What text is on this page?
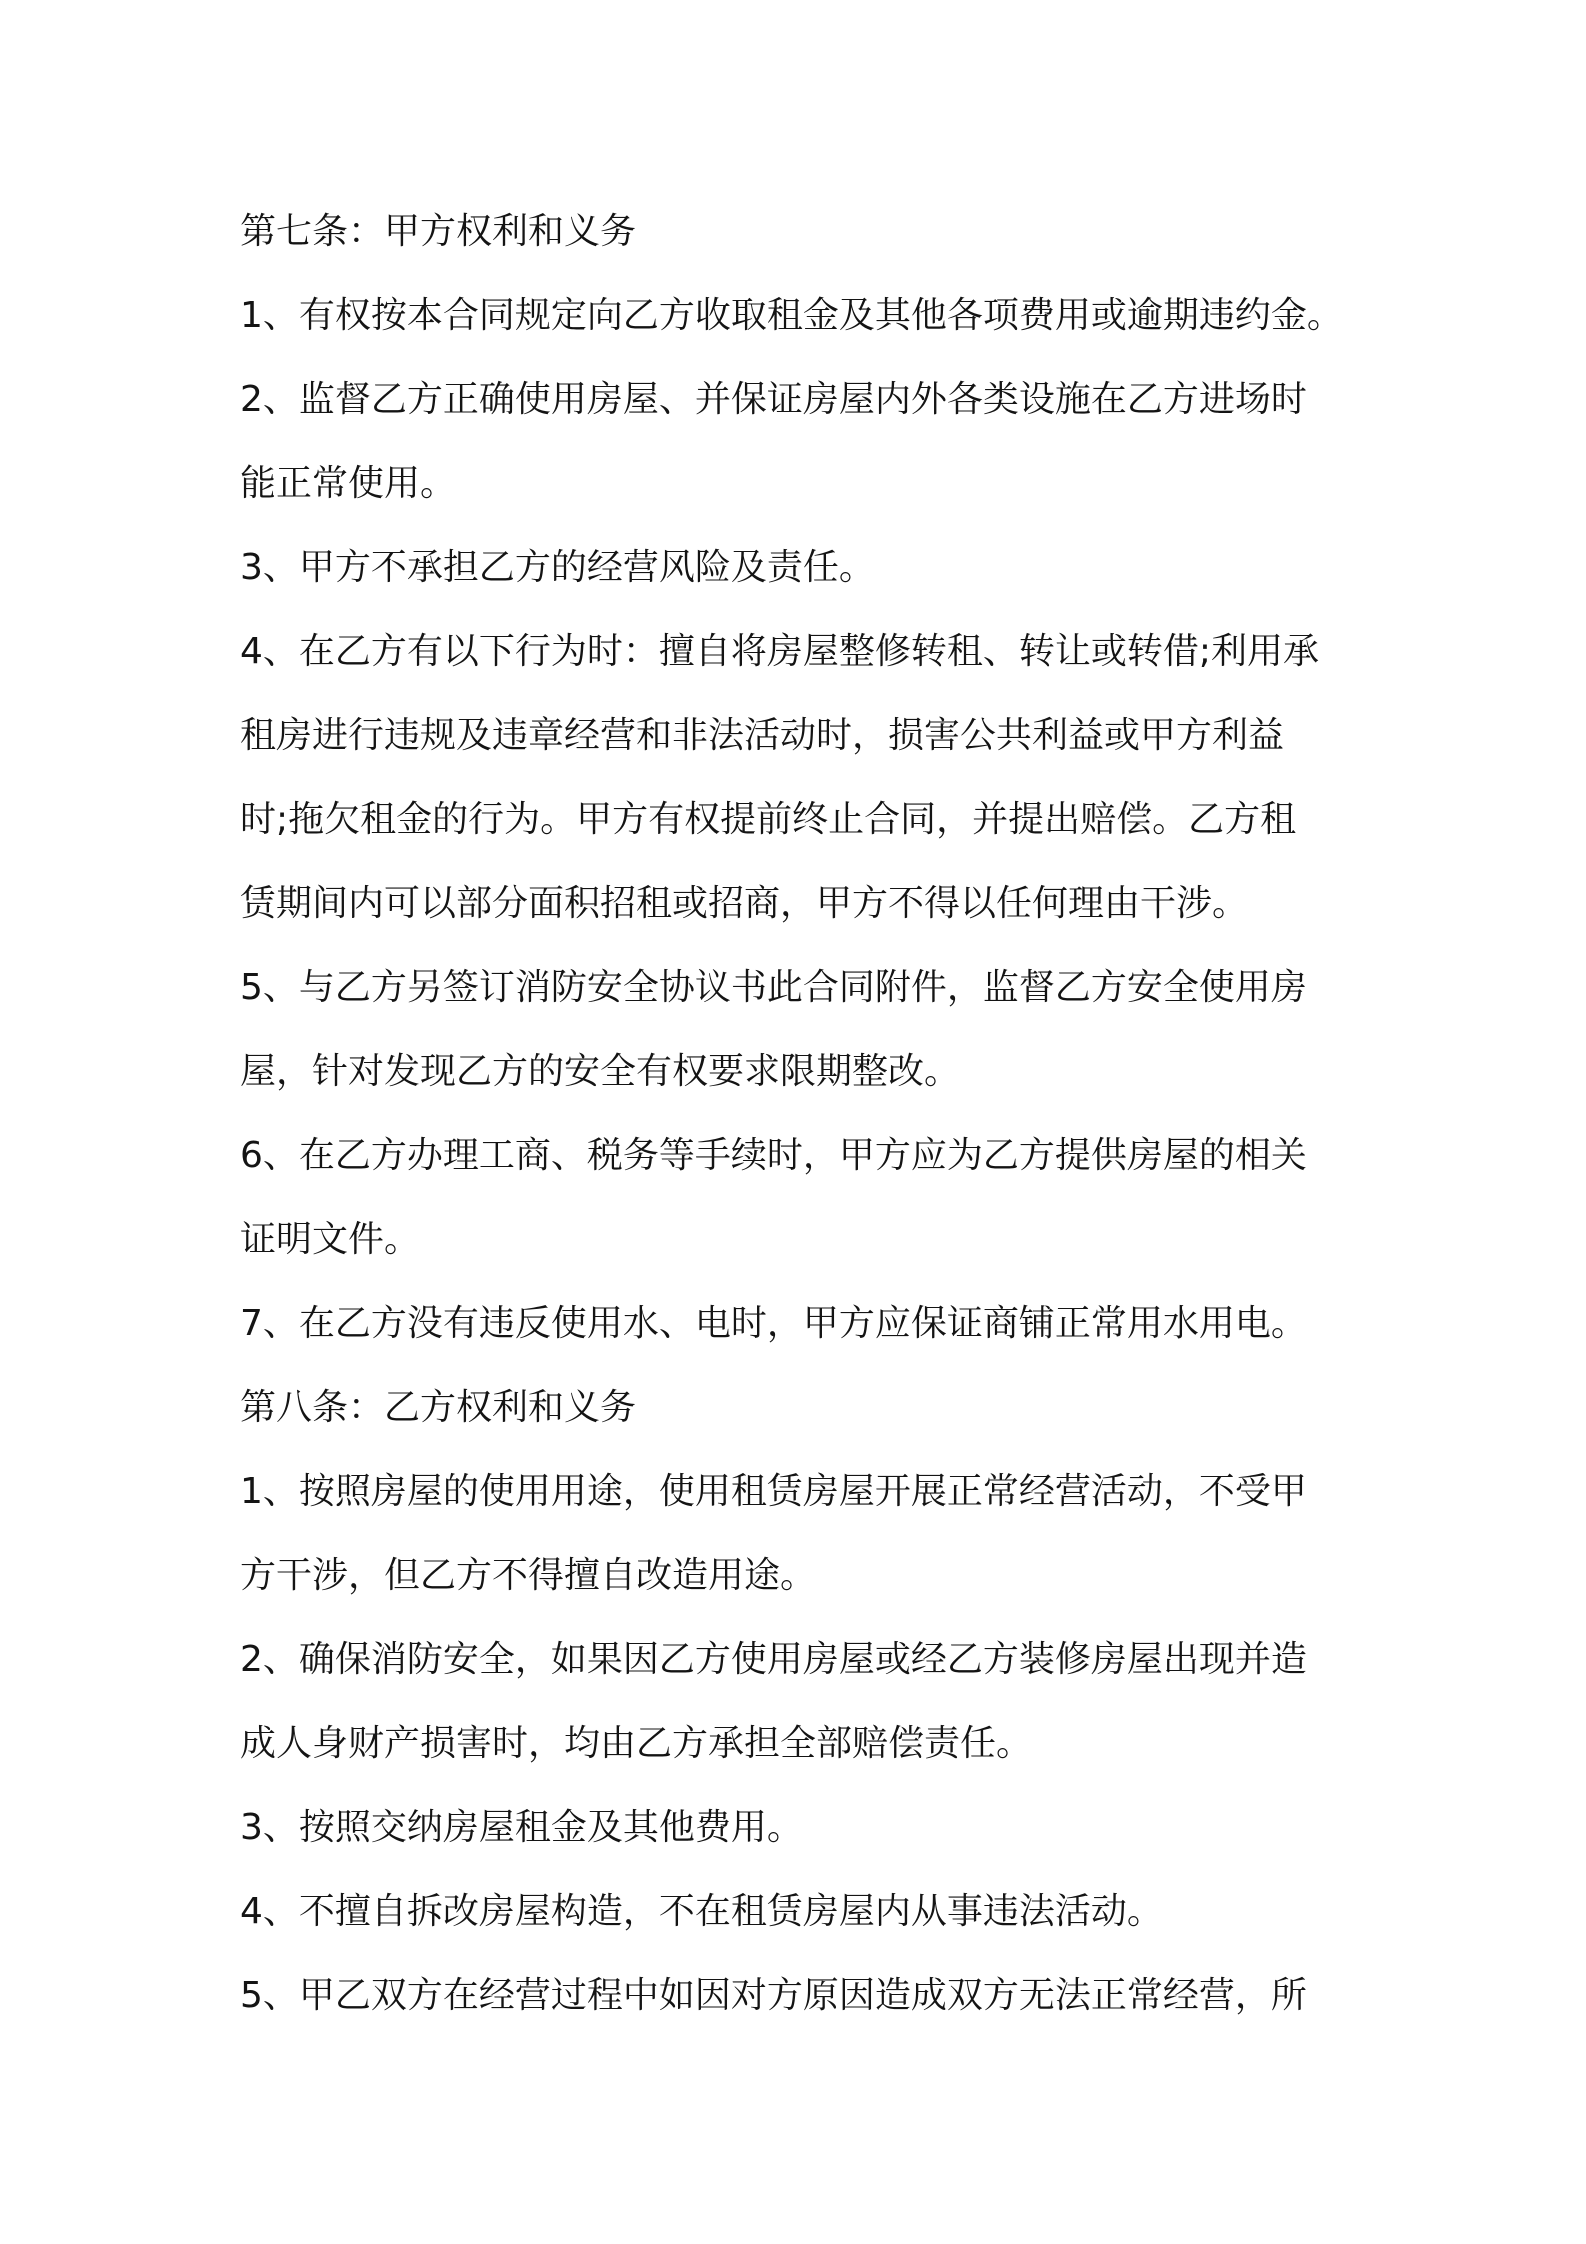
第七条：甲方权利和义务
1、有权按本合同规定向乙方收取租金及其他各项费用或逾期违约金。
2、监督乙方正确使用房屋、并保证房屋内外各类设施在乙方进场时
能正常使用。
3、甲方不承担乙方的经营风险及责任。
4、在乙方有以下行为时：擅自将房屋整修转租、转让或转借;利用承
租房进行违规及违章经营和非法活动时，损害公共利益或甲方利益
时;拖欠租金的行为。甲方有权提前终止合同，并提出赔偿。乙方租
赁期间内可以部分面积招租或招商，甲方不得以任何理由干涉。
5、与乙方另签订消防安全协议书此合同附件，监督乙方安全使用房
屋，针对发现乙方的安全有权要求限期整改。
6、在乙方办理工商、税务等手续时，甲方应为乙方提供房屋的相关
证明文件。
7、在乙方没有违反使用水、电时，甲方应保证商铺正常用水用电。
第八条：乙方权利和义务
1、按照房屋的使用用途，使用租赁房屋开展正常经营活动，不受甲
方干涉，但乙方不得擅自改造用途。
2、确保消防安全，如果因乙方使用房屋或经乙方装修房屋出现并造
成人身财产损害时，均由乙方承担全部赔偿责任。
3、按照交纳房屋租金及其他费用。
4、不擅自拆改房屋构造，不在租赁房屋内从事违法活动。
5、甲乙双方在经营过程中如因对方原因造成双方无法正常经营，所
